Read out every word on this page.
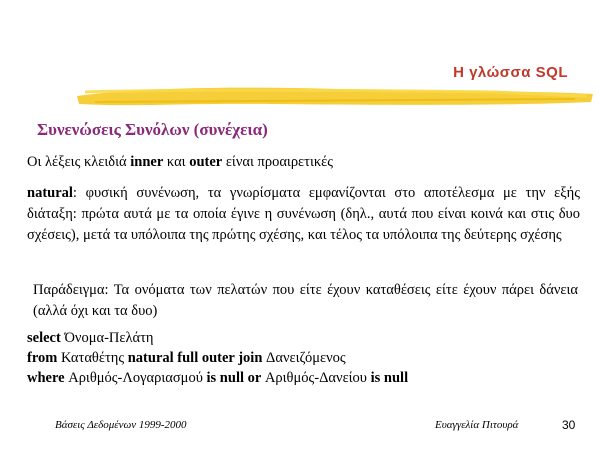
Η γλώσσα SQL
Συνενώσεις Συνόλων (συνέχεια)
Οι λέξεις κλειδιά inner και outer είναι προαιρετικές
natural: φυσική συνένωση, τα γνωρίσματα εμφανίζονται στο αποτέλεσμα με την εξής διάταξη: πρώτα αυτά με τα οποία έγινε η συνένωση (δηλ., αυτά που είναι κοινά και στις δυο σχέσεις), μετά τα υπόλοιπα της πρώτης σχέσης, και τέλος τα υπόλοιπα της δεύτερης σχέσης
Παράδειγμα: Τα ονόματα των πελατών που είτε έχουν καταθέσεις είτε έχουν πάρει δάνεια (αλλά όχι και τα δυο)
select Όνομα-Πελάτη
from Καταθέτης natural full outer join Δανειζόμενος
where Αριθμός-Λογαριασμού is null or Αριθμός-Δανείου is null
Βάσεις Δεδομένων 1999-2000	Ευαγγελία Πιτουρά	30
